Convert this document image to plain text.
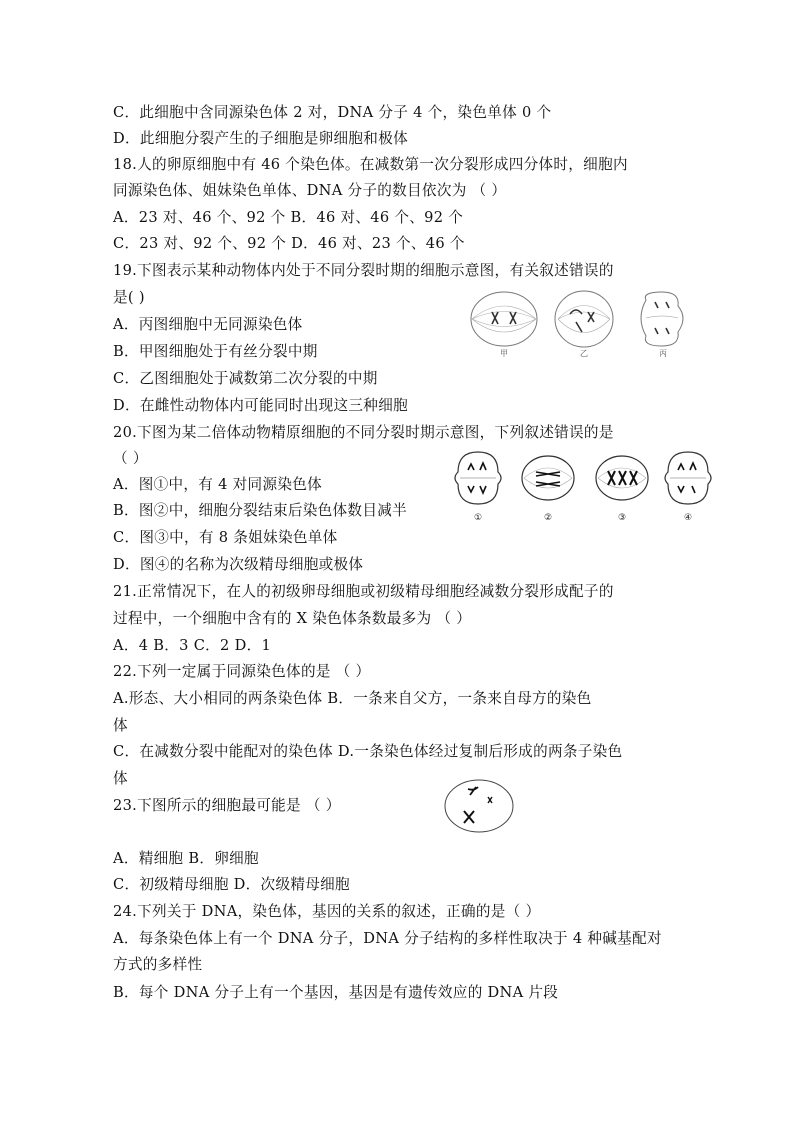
C．此细胞中含同源染色体 2 对，DNA 分子 4 个，染色单体 0 个
D．此细胞分裂产生的子细胞是卵细胞和极体
18.人的卵原细胞中有 46 个染色体。在减数第一次分裂形成四分体时，细胞内
同源染色体、姐妹染色单体、DNA 分子的数目依次为 （ ）
A．23 对、46 个、92 个 B．46 对、46 个、92 个
C．23 对、92 个、92 个 D．46 对、23 个、46 个
19.下图表示某种动物体内处于不同分裂时期的细胞示意图，有关叙述错误的
是( )
A．丙图细胞中无同源染色体
B．甲图细胞处于有丝分裂中期
C．乙图细胞处于减数第二次分裂的中期
D．在雌性动物体内可能同时出现这三种细胞
20.下图为某二倍体动物精原细胞的不同分裂时期示意图，下列叙述错误的是
（ ）
A．图①中，有 4 对同源染色体
B．图②中，细胞分裂结束后染色体数目减半
C．图③中，有 8 条姐妹染色单体
D．图④的名称为次级精母细胞或极体
21.正常情况下，在人的初级卵母细胞或初级精母细胞经减数分裂形成配子的
过程中，一个细胞中含有的 X 染色体条数最多为 （ ）
A．4 B．3 C．2 D．1
22.下列一定属于同源染色体的是 （ ）
A.形态、大小相同的两条染色体 B．一条来自父方，一条来自母方的染色
体
C．在减数分裂中能配对的染色体 D.一条染色体经过复制后形成的两条子染色
体
23.下图所示的细胞最可能是 （ ）
A．精细胞 B．卵细胞
C．初级精母细胞 D．次级精母细胞
24.下列关于 DNA，染色体，基因的关系的叙述，正确的是（ ）
A．每条染色体上有一个 DNA 分子，DNA 分子结构的多样性取决于 4 种碱基配对
方式的多样性
B．每个 DNA 分子上有一个基因，基因是有遗传效应的 DNA 片段
甲	乙	丙
①	②	③	④
